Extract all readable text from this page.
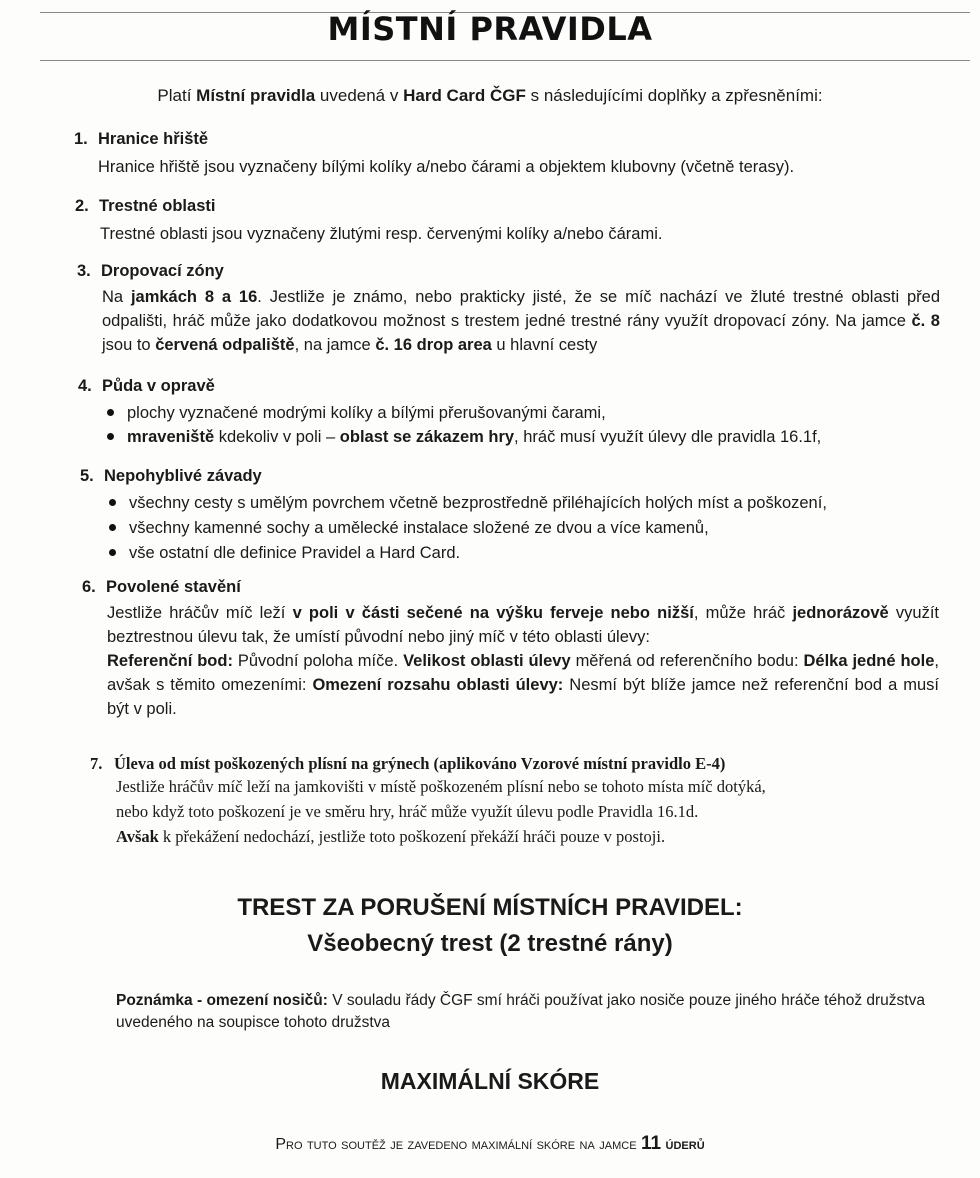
MÍSTNÍ PRAVIDLA
Platí Místní pravidla uvedená v Hard Card ČGF s následujícími doplňky a zpřesněními:
1. Hranice hřiště
Hranice hřiště jsou vyznačeny bílými kolíky a/nebo čárami a objektem klubovny (včetně terasy).
2. Trestné oblasti
Trestné oblasti jsou vyznačeny žlutými resp. červenými kolíky a/nebo čárami.
3. Dropovací zóny
Na jamkách 8 a 16. Jestliže je známo, nebo prakticky jisté, že se míč nachází ve žluté trestné oblasti před odpališti, hráč může jako dodatkovou možnost s trestem jedné trestné rány využít dropovací zóny. Na jamce č. 8 jsou to červená odpaliště, na jamce č. 16 drop area u hlavní cesty
4. Půda v opravě
plochy vyznačené modrými kolíky a bílými přerušovanými čarami,
mraveniště kdekoliv v poli – oblast se zákazem hry, hráč musí využít úlevy dle pravidla 16.1f,
5. Nepohyblivé závady
všechny cesty s umělým povrchem včetně bezprostředně přiléhajících holých míst a poškození,
všechny kamenné sochy a umělecké instalace složené ze dvou a více kamenů,
vše ostatní dle definice Pravidel a Hard Card.
6. Povolené stavění
Jestliže hráčův míč leží v poli v části sečené na výšku ferveje nebo nižší, může hráč jednorázově využít beztrestnou úlevu tak, že umístí původní nebo jiný míč v této oblasti úlevy:
Referenční bod: Původní poloha míče. Velikost oblasti úlevy měřená od referenčního bodu: Délka jedné hole, avšak s těmito omezeními: Omezení rozsahu oblasti úlevy: Nesmí být blíže jamce než referenční bod a musí být v poli.
7. Úleva od míst poškozených plísní na grýnech (aplikováno Vzorové místní pravidlo E-4)
Jestliže hráčův míč leží na jamkovišti v místě poškozeném plísní nebo se tohoto místa míč dotýká,
nebo když toto poškození je ve směru hry, hráč může využít úlevu podle Pravidla 16.1d.
Avšak k překážení nedochází, jestliže toto poškození překáží hráči pouze v postoji.
TREST ZA PORUŠENÍ MÍSTNÍCH PRAVIDEL:
Všeobecný trest (2 trestné rány)
Poznámka - omezení nosičů: V souladu řády ČGF smí hráči používat jako nosiče pouze jiného hráče téhož družstva uvedeného na soupisce tohoto družstva
MAXIMÁLNÍ SKÓRE
Pro tuto soutěž je zavedeno maximální skóre na jamce 11 úderů
